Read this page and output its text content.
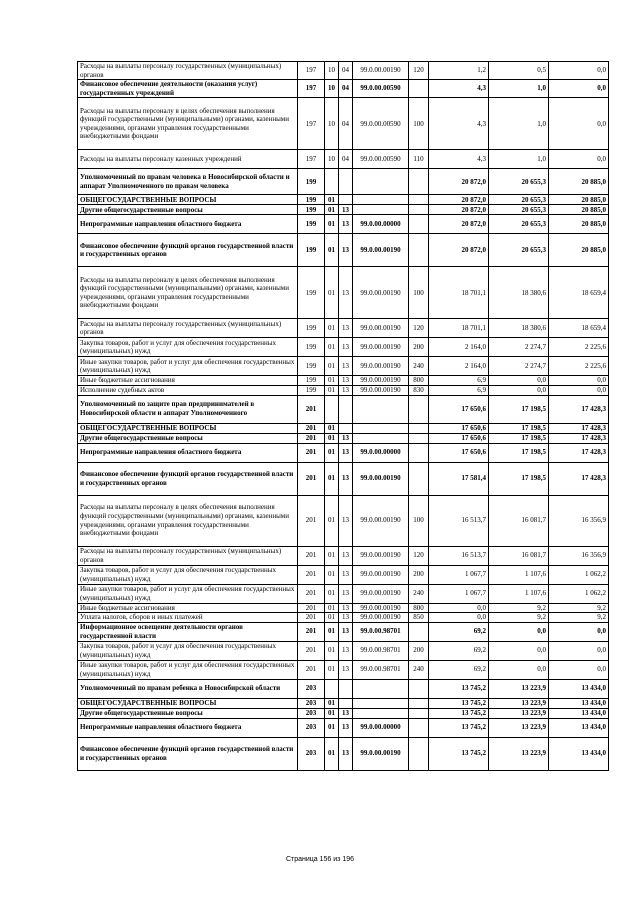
Расходы на выплаты персоналу государственных (муниципальных) органов	197	10	04	99.0.00.00190	120	1,2	0,5	0,0
Финансовое обеспечение деятельности (оказания услуг) государственных учреждений	197	10	04	99.0.00.00590		4,3	1,0	0,0
Расходы на выплаты персоналу в целях обеспечения выполнения функций государственными (муниципальными) органами, казенными учреждениями, органами управления государственными внебюджетными фондами	197	10	04	99.0.00.00590	100	4,3	1,0	0,0
Расходы на выплаты персоналу казенных учреждений	197	10	04	99.0.00.00590	110	4,3	1,0	0,0
Уполномоченный по правам человека в Новосибирской области и аппарат Уполномоченного по правам человека	199					20 872,0	20 655,3	20 885,0
ОБЩЕГОСУДАРСТВЕННЫЕ ВОПРОСЫ	199	01				20 872,0	20 655,3	20 885,0
Другие общегосударственные вопросы	199	01	13			20 872,0	20 655,3	20 885,0
Непрограммные направления областного бюджета	199	01	13	99.0.00.00000		20 872,0	20 655,3	20 885,0
Финансовое обеспечение функций органов государственной власти и государственных органов	199	01	13	99.0.00.00190		20 872,0	20 655,3	20 885,0
Расходы на выплаты персоналу в целях обеспечения выполнения функций государственными (муниципальными) органами, казенными учреждениями, органами управления государственными внебюджетными фондами	199	01	13	99.0.00.00190	100	18 701,1	18 380,6	18 659,4
Расходы на выплаты персоналу государственных (муниципальных) органов	199	01	13	99.0.00.00190	120	18 701,1	18 380,6	18 659,4
Закупка товаров, работ и услуг для обеспечения государственных (муниципальных) нужд	199	01	13	99.0.00.00190	200	2 164,0	2 274,7	2 225,6
Иные закупки товаров, работ и услуг для обеспечения государственных (муниципальных) нужд	199	01	13	99.0.00.00190	240	2 164,0	2 274,7	2 225,6
Иные бюджетные ассигнования	199	01	13	99.0.00.00190	800	6,9	0,0	0,0
Исполнение судебных актов	199	01	13	99.0.00.00190	830	6,9	0,0	0,0
Уполномоченный по защите прав предпринимателей в Новосибирской области и аппарат Уполномоченного	201					17 650,6	17 198,5	17 428,3
ОБЩЕГОСУДАРСТВЕННЫЕ ВОПРОСЫ	201	01				17 650,6	17 198,5	17 428,3
Другие общегосударственные вопросы	201	01	13			17 650,6	17 198,5	17 428,3
Непрограммные направления областного бюджета	201	01	13	99.0.00.00000		17 650,6	17 198,5	17 428,3
Финансовое обеспечение функций органов государственной власти и государственных органов	201	01	13	99.0.00.00190		17 581,4	17 198,5	17 428,3
Расходы на выплаты персоналу в целях обеспечения выполнения функций государственными (муниципальными) органами, казенными учреждениями, органами управления государственными внебюджетными фондами	201	01	13	99.0.00.00190	100	16 513,7	16 081,7	16 356,9
Расходы на выплаты персоналу государственных (муниципальных) органов	201	01	13	99.0.00.00190	120	16 513,7	16 081,7	16 356,9
Закупка товаров, работ и услуг для обеспечения государственных (муниципальных) нужд	201	01	13	99.0.00.00190	200	1 067,7	1 107,6	1 062,2
Иные закупки товаров, работ и услуг для обеспечения государственных (муниципальных) нужд	201	01	13	99.0.00.00190	240	1 067,7	1 107,6	1 062,2
Иные бюджетные ассигнования	201	01	13	99.0.00.00190	800	0,0	9,2	9,2
Уплата налогов, сборов и иных платежей	201	01	13	99.0.00.00190	850	0,0	9,2	9,2
Информационное освещение деятельности органов государственной власти	201	01	13	99.0.00.98701		69,2	0,0	0,0
Закупка товаров, работ и услуг для обеспечения государственных (муниципальных) нужд	201	01	13	99.0.00.98701	200	69,2	0,0	0,0
Иные закупки товаров, работ и услуг для обеспечения государственных (муниципальных) нужд	201	01	13	99.0.00.98701	240	69,2	0,0	0,0
Уполномоченный по правам ребенка в Новосибирской области	203					13 745,2	13 223,9	13 434,0
ОБЩЕГОСУДАРСТВЕННЫЕ ВОПРОСЫ	203	01				13 745,2	13 223,9	13 434,0
Другие общегосударственные вопросы	203	01	13			13 745,2	13 223,9	13 434,0
Непрограммные направления областного бюджета	203	01	13	99.0.00.00000		13 745,2	13 223,9	13 434,0
Финансовое обеспечение функций органов государственной власти и государственных органов	203	01	13	99.0.00.00190		13 745,2	13 223,9	13 434,0
Страница 156 из 196
